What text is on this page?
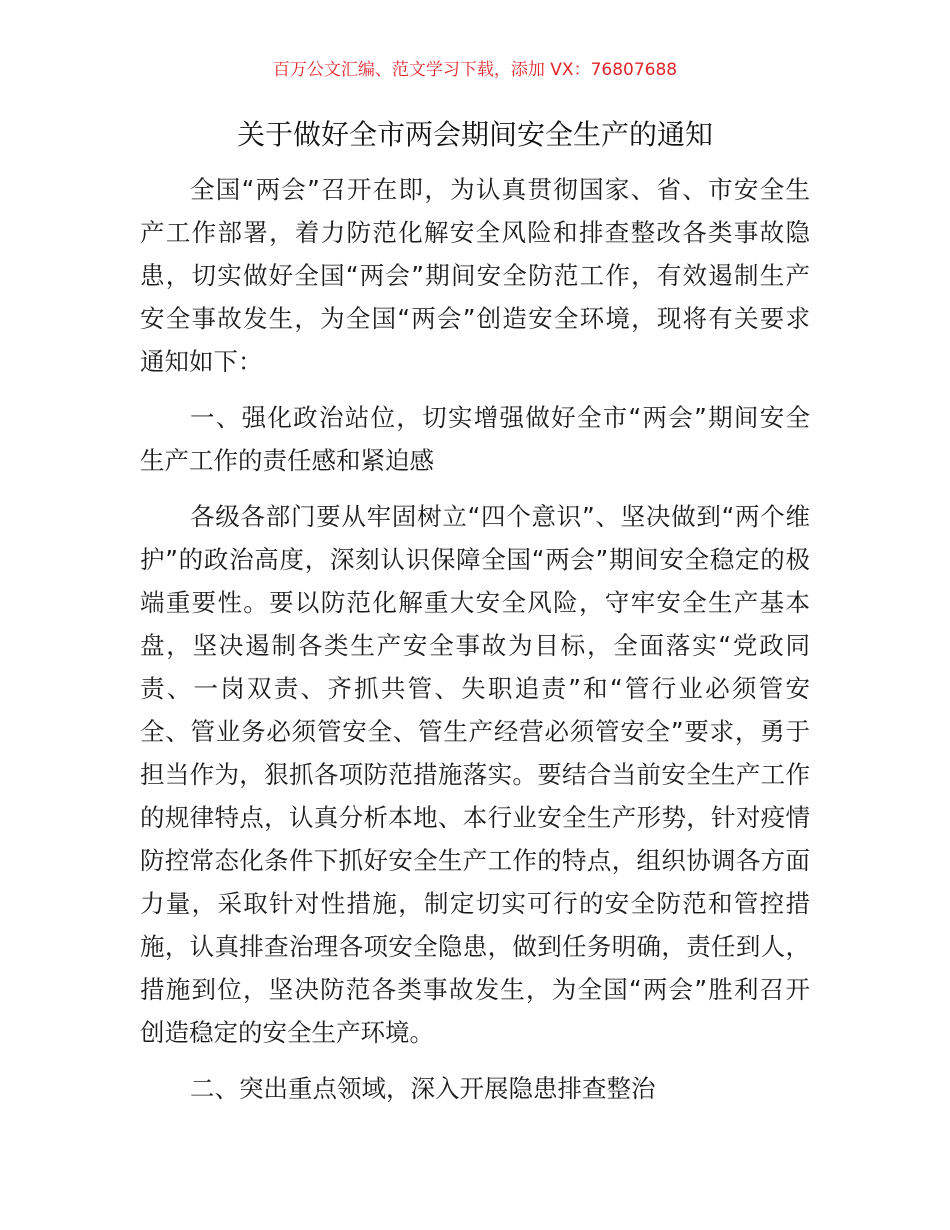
百万公文汇编、范文学习下载，添加 VX：76807688
关于做好全市两会期间安全生产的通知
全国“两会”召开在即，为认真贯彻国家、省、市安全生
产工作部署，着力防范化解安全风险和排查整改各类事故隐
患，切实做好全国“两会”期间安全防范工作，有效遏制生产
安全事故发生，为全国“两会”创造安全环境，现将有关要求
通知如下：
一、强化政治站位，切实增强做好全市“两会”期间安全
生产工作的责任感和紧迫感
各级各部门要从牢固树立“四个意识”、坚决做到“两个维
护”的政治高度，深刻认识保障全国“两会”期间安全稳定的极
端重要性。要以防范化解重大安全风险，守牢安全生产基本
盘，坚决遏制各类生产安全事故为目标，全面落实“党政同
责、一岗双责、齐抓共管、失职追责”和“管行业必须管安
全、管业务必须管安全、管生产经营必须管安全”要求，勇于
担当作为，狠抓各项防范措施落实。要结合当前安全生产工作
的规律特点，认真分析本地、本行业安全生产形势，针对疫情
防控常态化条件下抓好安全生产工作的特点，组织协调各方面
力量，采取针对性措施，制定切实可行的安全防范和管控措
施，认真排查治理各项安全隐患，做到任务明确，责任到人，
措施到位，坚决防范各类事故发生，为全国“两会”胜利召开
创造稳定的安全生产环境。
二、突出重点领域，深入开展隐患排查整治
